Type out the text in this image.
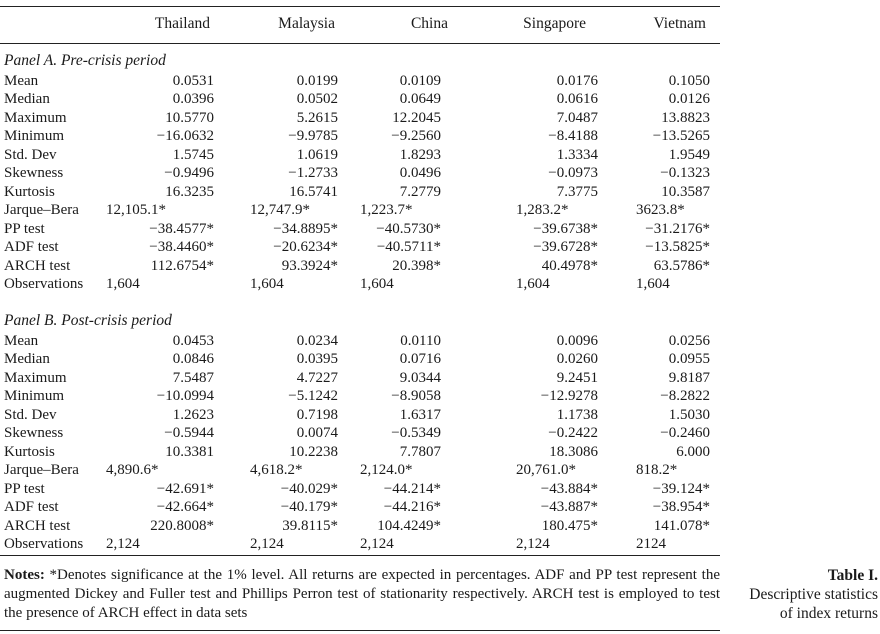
Thailand	Malaysia	China	Singapore	Vietnam
Panel A. Pre-crisis period
Mean	0.0531	0.0199	0.0109	0.0176	0.1050
Median	0.0396	0.0502	0.0649	0.0616	0.0126
Maximum	10.5770	5.2615	12.2045	7.0487	13.8823
Minimum	−16.0632	−9.9785	−9.2560	−8.4188	−13.5265
Std. Dev	1.5745	1.0619	1.8293	1.3334	1.9549
Skewness	−0.9496	−1.2733	0.0496	−0.0973	−0.1323
Kurtosis	16.3235	16.5741	7.2779	7.3775	10.3587
Jarque–Bera 12,105.1*	12,747.9*	1,223.7*	1,283.2*	3623.8*
PP test	−38.4577*	−34.8895*	−40.5730*	−39.6738*	−31.2176*
ADF test	−38.4460*	−20.6234*	−40.5711*	−39.6728*	−13.5825*
ARCH test	112.6754*	93.3924*	20.398*	40.4978*	63.5786*
Observations 1,604	1,604	1,604	1,604	1,604
Panel B. Post-crisis period
Mean	0.0453	0.0234	0.0110	0.0096	0.0256
Median	0.0846	0.0395	0.0716	0.0260	0.0955
Maximum	7.5487	4.7227	9.0344	9.2451	9.8187
Minimum	−10.0994	−5.1242	−8.9058	−12.9278	−8.2822
Std. Dev	1.2623	0.7198	1.6317	1.1738	1.5030
Skewness	−0.5944	0.0074	−0.5349	−0.2422	−0.2460
Kurtosis	10.3381	10.2238	7.7807	18.3086	6.000
Jarque–Bera 4,890.6*	4,618.2*	2,124.0*	20,761.0*	818.2*
PP test	−42.691*	−40.029*	−44.214*	−43.884*	−39.124*
ADF test	−42.664*	−40.179*	−44.216*	−43.887*	−38.954*
ARCH test	220.8008*	39.8115*	104.4249*	180.475*	141.078*
Observations 2,124	2,124	2,124	2,124	2124
Notes: *Denotes significance at the 1% level. All returns are expected in percentages. ADF and PP test represent the augmented Dickey and Fuller test and Phillips Perron test of stationarity respectively. ARCH test is employed to test the presence of ARCH effect in data sets
Table I.
Descriptive statistics
of index returns
